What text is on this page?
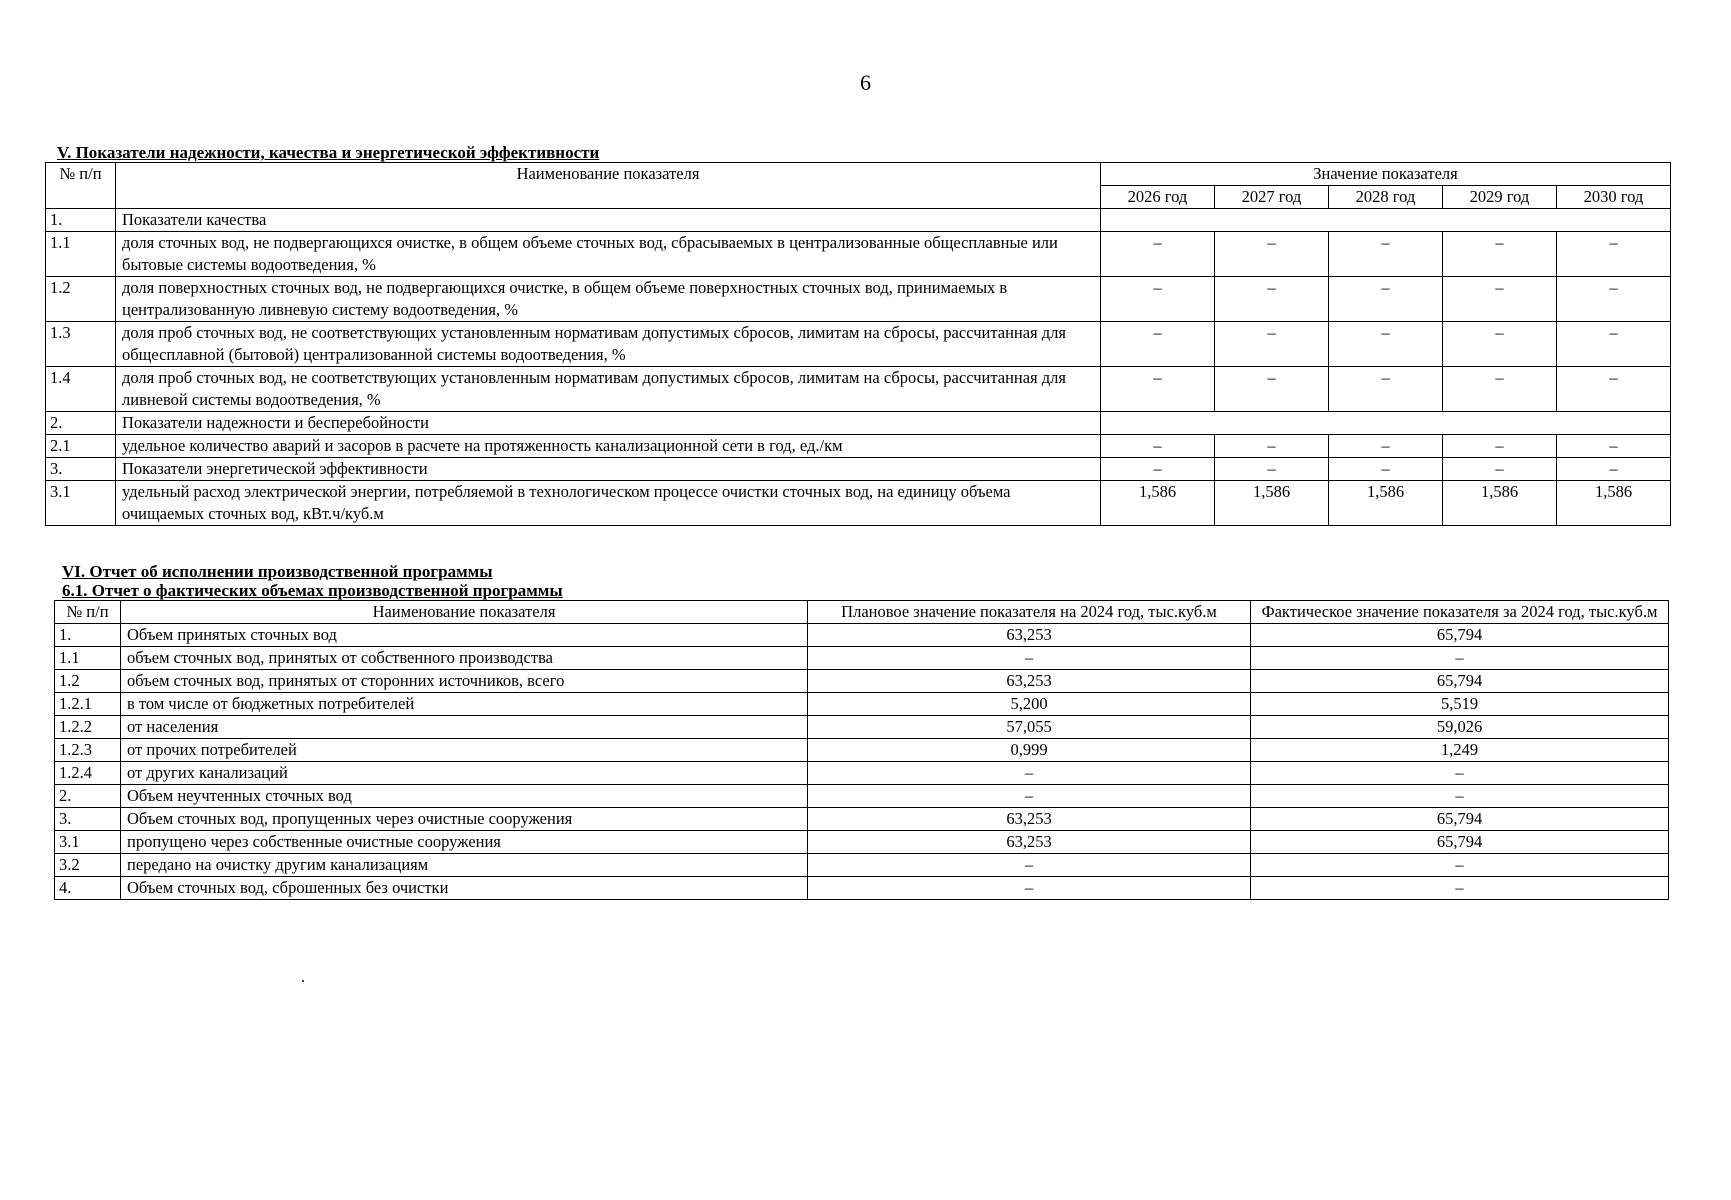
6
V. Показатели надежности, качества и энергетической эффективности
№ п/п	Наименование показателя	Значение показателя				
		2026 год	2027 год	2028 год	2029 год	2030 год
1.	Показатели качества					
1.1	доля сточных вод, не подвергающихся очистке, в общем объеме сточных вод, сбрасываемых в централизованные общесплавные или бытовые системы водоотведения, %	–	–	–	–	–
1.2	доля поверхностных сточных вод, не подвергающихся очистке, в общем объеме поверхностных сточных вод, принимаемых в централизованную ливневую систему водоотведения, %	–	–	–	–	–
1.3	доля проб сточных вод, не соответствующих установленным нормативам допустимых сбросов, лимитам на сбросы, рассчитанная для общесплавной (бытовой) централизованной системы водоотведения, %	–	–	–	–	–
1.4	доля проб сточных вод, не соответствующих установленным нормативам допустимых сбросов, лимитам на сбросы, рассчитанная для ливневой системы водоотведения, %	–	–	–	–	–
2.	Показатели надежности и бесперебойности					
2.1	удельное количество аварий и засоров в расчете на протяженность канализационной сети в год, ед./км	–	–	–	–	–
3.	Показатели энергетической эффективности	–	–	–	–	–
3.1	удельный расход электрической энергии, потребляемой в технологическом процессе очистки сточных вод, на единицу объема очищаемых сточных вод, кВт.ч/куб.м	1,586	1,586	1,586	1,586	1,586
VI. Отчет об исполнении производственной программы
6.1. Отчет о фактических объемах производственной программы
№ п/п	Наименование показателя	Плановое значение показателя на 2024 год, тыс.куб.м	Фактическое значение показателя за 2024 год, тыс.куб.м
1.	Объем принятых сточных вод	63,253	65,794
1.1	объем сточных вод, принятых от собственного производства	–	–
1.2	объем сточных вод, принятых от сторонних источников, всего	63,253	65,794
1.2.1	в том числе от бюджетных потребителей	5,200	5,519
1.2.2	от населения	57,055	59,026
1.2.3	от прочих потребителей	0,999	1,249
1.2.4	от других канализаций	–	–
2.	Объем неучтенных сточных вод	–	–
3.	Объем сточных вод, пропущенных через очистные сооружения	63,253	65,794
3.1	пропущено через собственные очистные сооружения	63,253	65,794
3.2	передано на очистку другим канализациям	–	–
4.	Объем сточных вод, сброшенных без очистки	–	–
